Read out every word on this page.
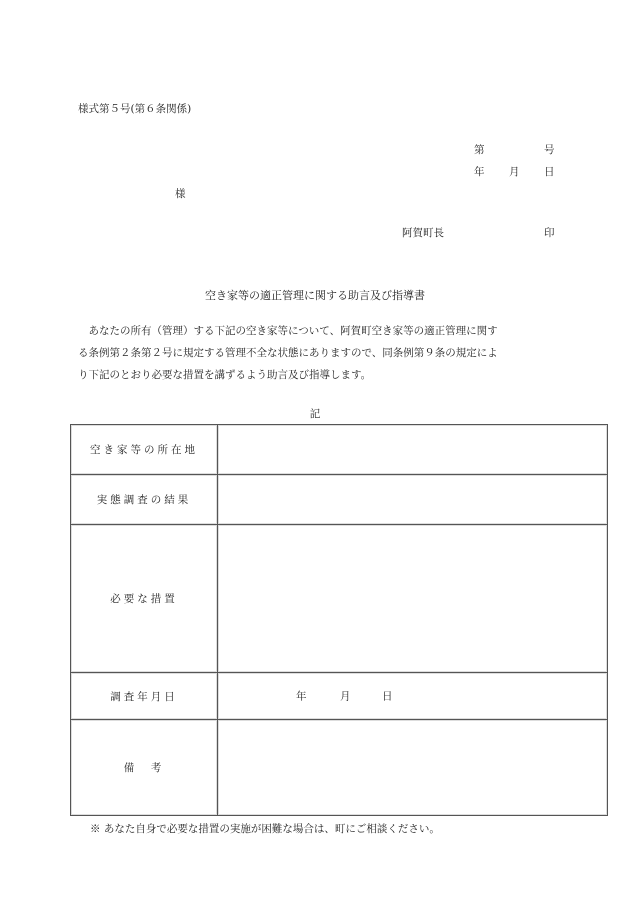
様式第５号(第６条関係)
第	号
年 月 日
様
阿賀町長	印
空き家等の適正管理に関する助言及び指導書
　あなたの所有（管理）する下記の空き家等について、阿賀町空き家等の適正管理に関す
る条例第２条第２号に規定する管理不全な状態にありますので、同条例第９条の規定によ
り下記のとおり必要な措置を講ずるよう助言及び指導します。
記
空き家等の所在地	
実態調査の結果	
必要な措置	
調査年月日	年 月 日

備　考	
※ あなた自身で必要な措置の実施が困難な場合は、町にご相談ください。
